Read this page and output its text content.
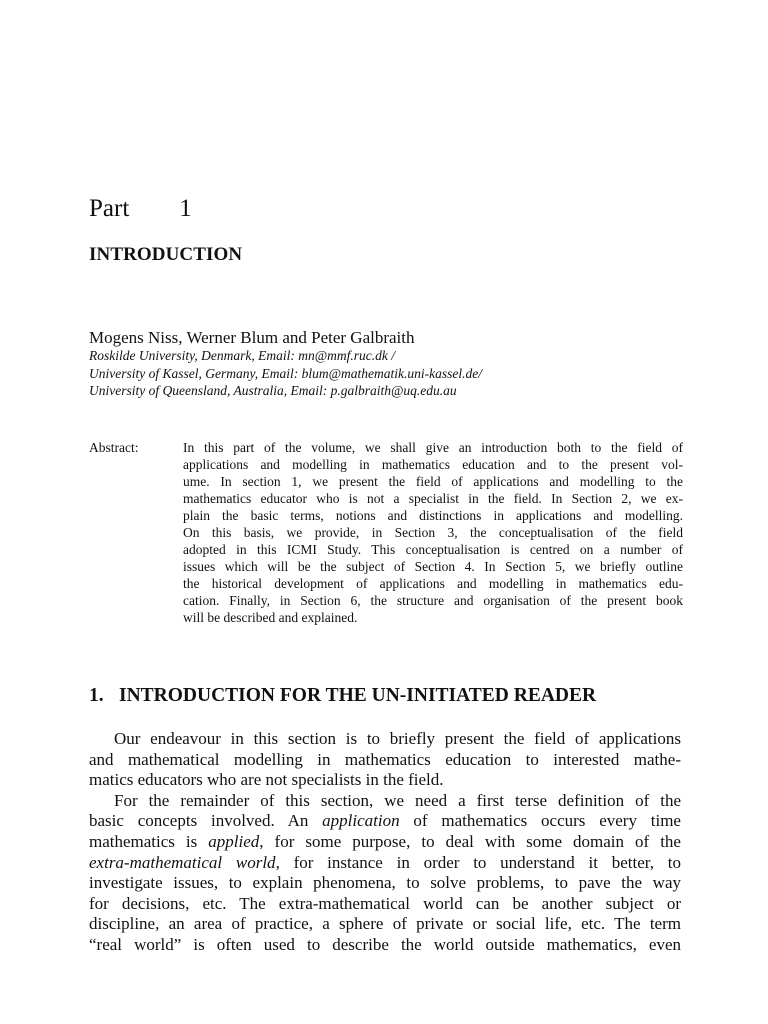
Part 1
INTRODUCTION
Mogens Niss, Werner Blum and Peter Galbraith
Roskilde University, Denmark, Email: mn@mmf.ruc.dk /
University of Kassel, Germany, Email: blum@mathematik.uni-kassel.de/
University of Queensland, Australia, Email: p.galbraith@uq.edu.au
Abstract:	In this part of the volume, we shall give an introduction both to the field of
applications and modelling in mathematics education and to the present vol-
ume. In section 1, we present the field of applications and modelling to the
mathematics educator who is not a specialist in the field. In Section 2, we ex-
plain the basic terms, notions and distinctions in applications and modelling.
On this basis, we provide, in Section 3, the conceptualisation of the field
adopted in this ICMI Study. This conceptualisation is centred on a number of
issues which will be the subject of Section 4. In Section 5, we briefly outline
the historical development of applications and modelling in mathematics edu-
cation. Finally, in Section 6, the structure and organisation of the present book
will be described and explained.
1. INTRODUCTION FOR THE UN-INITIATED READER
Our endeavour in this section is to briefly present the field of applications
and mathematical modelling in mathematics education to interested mathe-
matics educators who are not specialists in the field.
For the remainder of this section, we need a first terse definition of the
basic concepts involved. An application of mathematics occurs every time
mathematics is applied, for some purpose, to deal with some domain of the
extra-mathematical world, for instance in order to understand it better, to
investigate issues, to explain phenomena, to solve problems, to pave the way
for decisions, etc. The extra-mathematical world can be another subject or
discipline, an area of practice, a sphere of private or social life, etc. The term
“real world” is often used to describe the world outside mathematics, even
